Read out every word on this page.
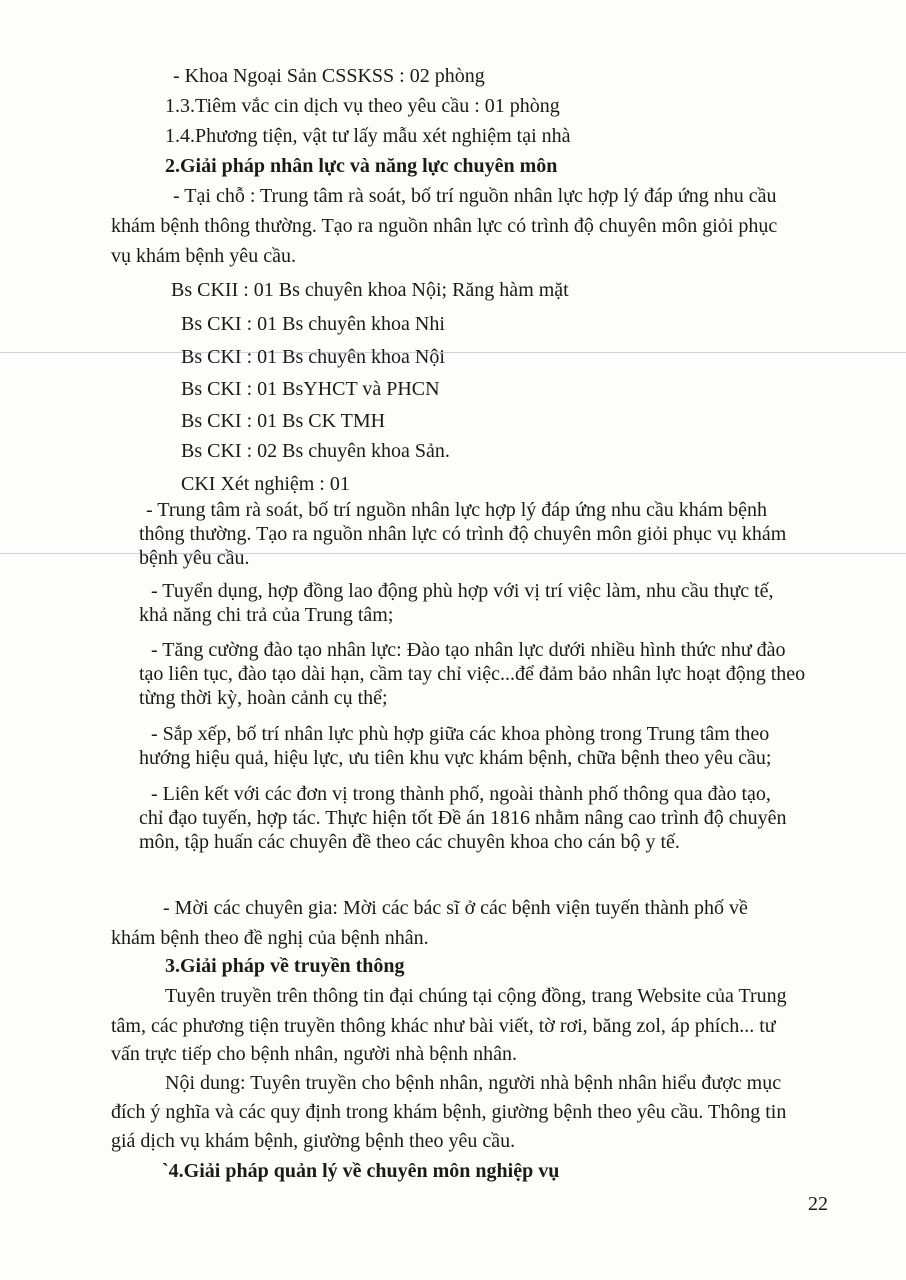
- Khoa Ngoại Sản CSSKSS : 02 phòng
1.3.Tiêm vắc cin dịch vụ theo yêu cầu : 01 phòng
1.4.Phương tiện, vật tư lấy mẫu xét nghiệm tại nhà
2.Giải pháp nhân lực và năng lực chuyên môn
- Tại chỗ : Trung tâm rà soát, bố trí nguồn nhân lực hợp lý đáp ứng nhu cầu
khám bệnh thông thường. Tạo ra nguồn nhân lực có trình độ chuyên môn giỏi phục
vụ khám bệnh yêu cầu.
Bs CKII : 01 Bs chuyên khoa Nội; Răng hàm mặt
Bs CKI : 01 Bs chuyên khoa Nhi
Bs CKI : 01 Bs chuyên khoa Nội
Bs CKI : 01 BsYHCT và PHCN
Bs CKI : 01 Bs CK TMH
Bs CKI : 02 Bs chuyên khoa Sản.
CKI Xét nghiệm : 01
- Trung tâm rà soát, bố trí nguồn nhân lực hợp lý đáp ứng nhu cầu khám bệnh
thông thường. Tạo ra nguồn nhân lực có trình độ chuyên môn giỏi phục vụ khám
bệnh yêu cầu.
- Tuyển dụng, hợp đồng lao động phù hợp với vị trí việc làm, nhu cầu thực tế,
khả năng chi trả của Trung tâm;
- Tăng cường đào tạo nhân lực: Đào tạo nhân lực dưới nhiều hình thức như đào
tạo liên tục, đào tạo dài hạn, cầm tay chỉ việc...để đảm bảo nhân lực hoạt động theo
từng thời kỳ, hoàn cảnh cụ thể;
- Sắp xếp, bố trí nhân lực phù hợp giữa các khoa phòng trong Trung tâm theo
hướng hiệu quả, hiệu lực, ưu tiên khu vực khám bệnh, chữa bệnh theo yêu cầu;
- Liên kết với các đơn vị trong thành phố, ngoài thành phố thông qua đào tạo,
chỉ đạo tuyến, hợp tác. Thực hiện tốt Đề án 1816 nhằm nâng cao trình độ chuyên
môn, tập huấn các chuyên đề theo các chuyên khoa cho cán bộ y tế.
- Mời các chuyên gia: Mời các bác sĩ ở các bệnh viện tuyến thành phố về
khám bệnh theo đề nghị của bệnh nhân.
3.Giải pháp về truyền thông
Tuyên truyền trên thông tin đại chúng tại cộng đồng, trang Website của Trung
tâm, các phương tiện truyền thông khác như bài viết, tờ rơi, băng zol, áp phích... tư
vấn trực tiếp cho bệnh nhân, người nhà bệnh nhân.
Nội dung: Tuyên truyền cho bệnh nhân, người nhà bệnh nhân hiểu được mục
đích ý nghĩa và các quy định trong khám bệnh, giường bệnh theo yêu cầu. Thông tin
giá dịch vụ khám bệnh, giường bệnh theo yêu cầu.
`4.Giải pháp quản lý về chuyên môn nghiệp vụ
22
